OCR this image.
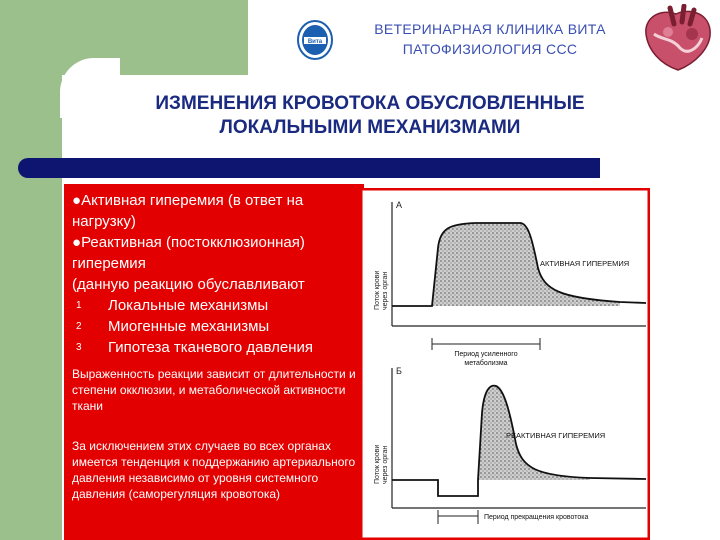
Вита
ВЕТЕРИНАРНАЯ КЛИНИКА ВИТА
ПАТОФИЗИОЛОГИЯ ССС
ИЗМЕНЕНИЯ КРОВОТОКА ОБУСЛОВЛЕННЫЕ
ЛОКАЛЬНЫМИ МЕХАНИЗМАМИ
●Активная гиперемия (в ответ на нагрузку)
●Реактивная (постокклюзионная) гиперемия
(данную реакцию обуславливают
1	Локальные механизмы
2	Миогенные механизмы
3	Гипотеза тканевого давления
Выраженность реакции зависит от длительности и степени окклюзии, и метаболической активности ткани
За исключением этих случаев во всех органах имеется тенденция к поддержанию артериального давления независимо от уровня системного давления (саморегуляция кровотока)
А
Поток крови через орган
АКТИВНАЯ ГИПЕРЕМИЯ
Период усиленного
метаболизма
Б
Поток крови через орган
РЕАКТИВНАЯ ГИПЕРЕМИЯ
Период прекращения кровотока
